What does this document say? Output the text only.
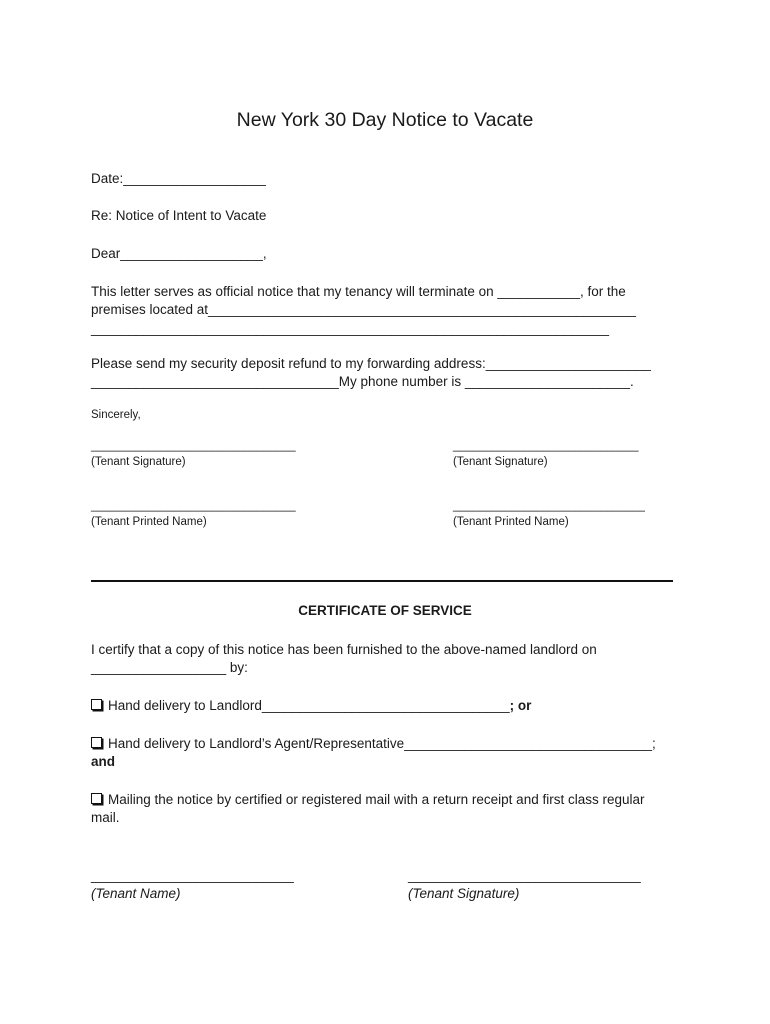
New York 30 Day Notice to Vacate
Date:___________________
Re: Notice of Intent to Vacate
Dear___________________,
This letter serves as official notice that my tenancy will terminate on ___________, for the
premises located at_________________________________________________________
_____________________________________________________________________
Please send my security deposit refund to my forwarding address:______________________
_________________________________My phone number is ______________________.
Sincerely,
________________________________	_____________________________
(Tenant Signature)	(Tenant Signature)
________________________________	______________________________
(Tenant Printed Name)	(Tenant Printed Name)
CERTIFICATE OF SERVICE
I certify that a copy of this notice has been furnished to the above-named landlord on
__________________ by:
Hand delivery to Landlord_________________________________; or
Hand delivery to Landlord’s Agent/Representative_________________________________;
and
Mailing the notice by certified or registered mail with a return receipt and first class regular
mail.
___________________________	_______________________________
(Tenant Name)	(Tenant Signature)
